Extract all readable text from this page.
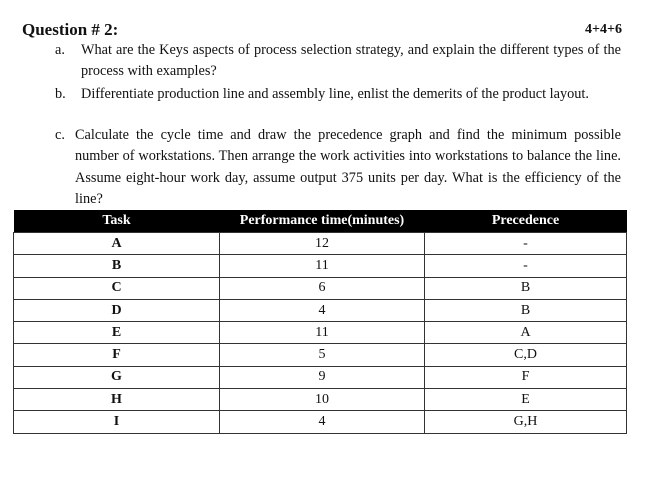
Question # 2:	4+4+6
a. What are the Keys aspects of process selection strategy, and explain the different types of the process with examples?
b. Differentiate production line and assembly line, enlist the demerits of the product layout.
c. Calculate the cycle time and draw the precedence graph and find the minimum possible number of workstations. Then arrange the work activities into workstations to balance the line. Assume eight-hour work day, assume output 375 units per day. What is the efficiency of the line?
Task	Performance time(minutes)	Precedence
A	12	-
B	11	-
C	6	B
D	4	B
E	11	A
F	5	C,D
G	9	F
H	10	E
I	4	G,H
